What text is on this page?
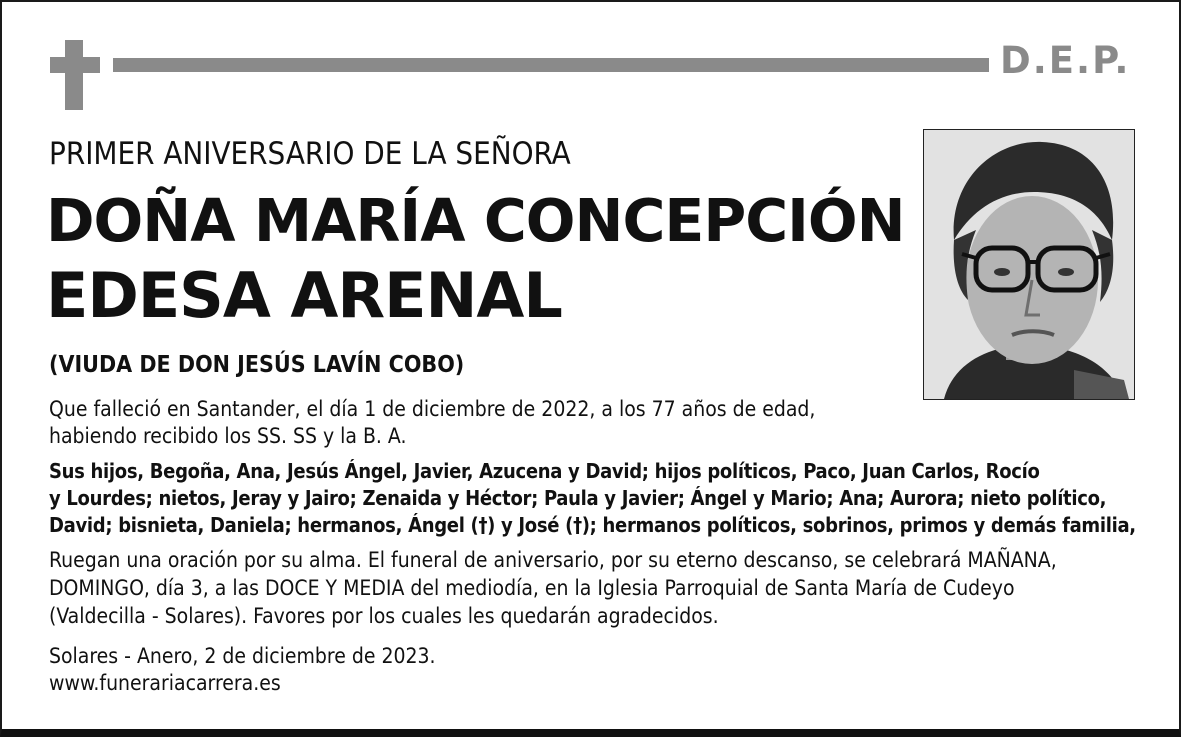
D.E.P.
PRIMER ANIVERSARIO DE LA SEÑORA
DOÑA MARÍA CONCEPCIÓN
EDESA ARENAL
(VIUDA DE DON JESÚS LAVÍN COBO)
Que falleció en Santander, el día 1 de diciembre de 2022, a los 77 años de edad,
habiendo recibido los SS. SS y la B. A.
Sus hijos, Begoña, Ana, Jesús Ángel, Javier, Azucena y David; hijos políticos, Paco, Juan Carlos, Rocío
y Lourdes; nietos, Jeray y Jairo; Zenaida y Héctor; Paula y Javier; Ángel y Mario; Ana; Aurora; nieto político,
David; bisnieta, Daniela; hermanos, Ángel (†) y José (†); hermanos políticos, sobrinos, primos y demás familia,
Ruegan una oración por su alma. El funeral de aniversario, por su eterno descanso, se celebrará MAÑANA,
DOMINGO, día 3, a las DOCE Y MEDIA del mediodía, en la Iglesia Parroquial de Santa María de Cudeyo
(Valdecilla - Solares). Favores por los cuales les quedarán agradecidos.
Solares - Anero, 2 de diciembre de 2023.
www.funerariacarrera.es
